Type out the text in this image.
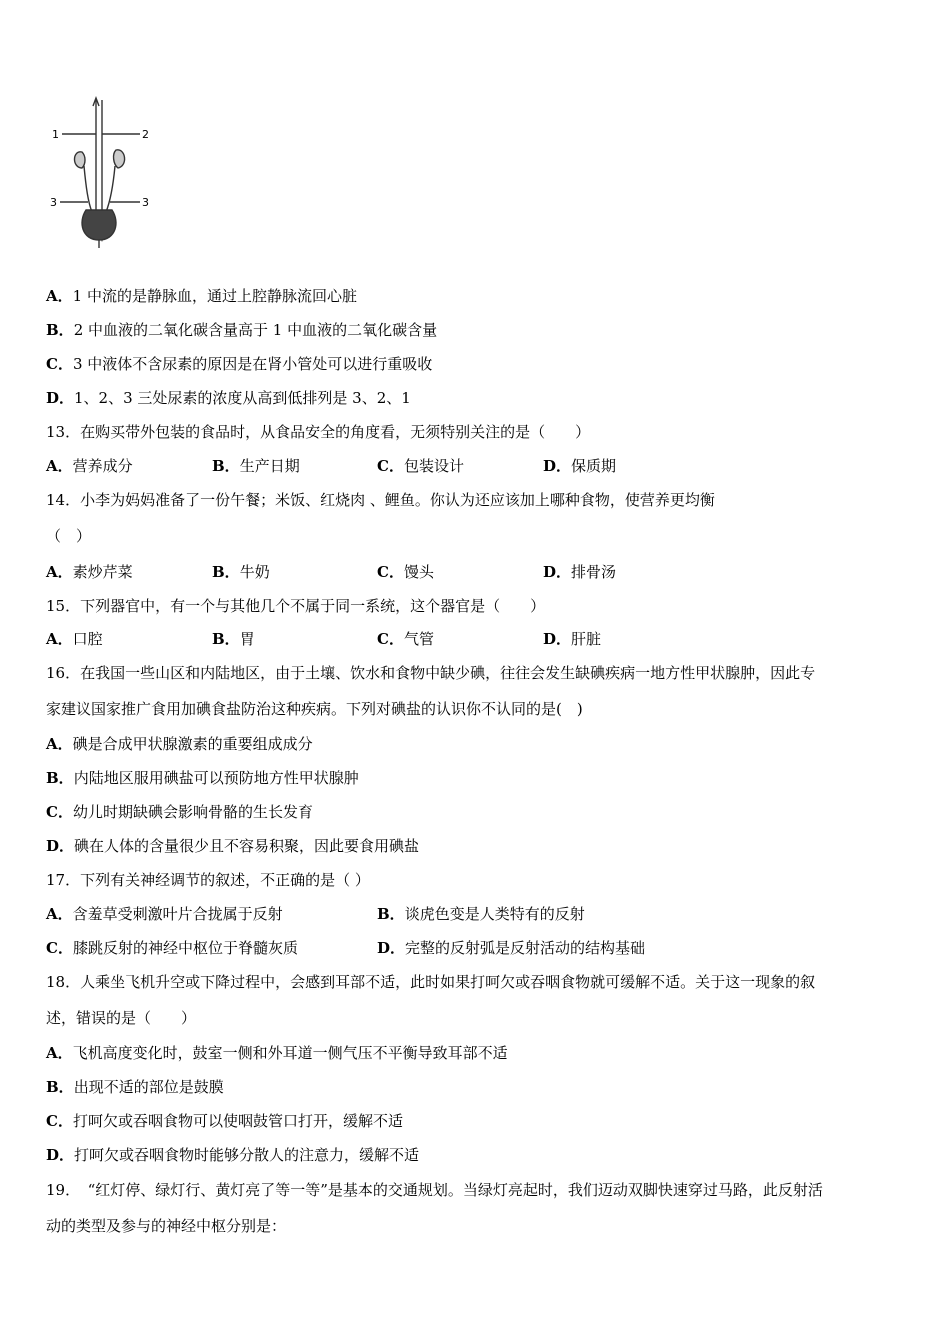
1	2
3	3
A．1 中流的是静脉血，通过上腔静脉流回心脏
B．2 中血液的二氧化碳含量高于 1 中血液的二氧化碳含量
C．3 中液体不含尿素的原因是在肾小管处可以进行重吸收
D．1、2、3 三处尿素的浓度从高到低排列是 3、2、1
13．在购买带外包装的食品时，从食品安全的角度看，无须特别关注的是（　　）
A．营养成分	B．生产日期	C．包装设计	D．保质期
14．小李为妈妈准备了一份午餐；米饭、红烧肉 、鲤鱼。你认为还应该加上哪种食物，使营养更均衡
（　）
A．素炒芹菜	B．牛奶	C．馒头	D．排骨汤
15．下列器官中，有一个与其他几个不属于同一系统，这个器官是（　　）
A．口腔	B．胃	C．气管	D．肝脏
16．在我国一些山区和内陆地区，由于土壤、饮水和食物中缺少碘，往往会发生缺碘疾病一地方性甲状腺肿，因此专
家建议国家推广食用加碘食盐防治这种疾病。下列对碘盐的认识你不认同的是(　)
A．碘是合成甲状腺激素的重要组成成分
B．内陆地区服用碘盐可以预防地方性甲状腺肿
C．幼儿时期缺碘会影响骨骼的生长发育
D．碘在人体的含量很少且不容易积聚，因此要食用碘盐
17．下列有关神经调节的叙述，不正确的是（ ）
A．含羞草受刺激叶片合拢属于反射	B．谈虎色变是人类特有的反射
C．膝跳反射的神经中枢位于脊髓灰质	D．完整的反射弧是反射活动的结构基础
18．人乘坐飞机升空或下降过程中，会感到耳部不适，此时如果打呵欠或吞咽食物就可缓解不适。关于这一现象的叙
述，错误的是（　　）
A．飞机高度变化时，鼓室一侧和外耳道一侧气压不平衡导致耳部不适
B．出现不适的部位是鼓膜
C．打呵欠或吞咽食物可以使咽鼓管口打开，缓解不适
D．打呵欠或吞咽食物时能够分散人的注意力，缓解不适
19．　“红灯停、绿灯行、黄灯亮了等一等”是基本的交通规划。当绿灯亮起时，我们迈动双脚快速穿过马路，此反射活
动的类型及参与的神经中枢分别是：
